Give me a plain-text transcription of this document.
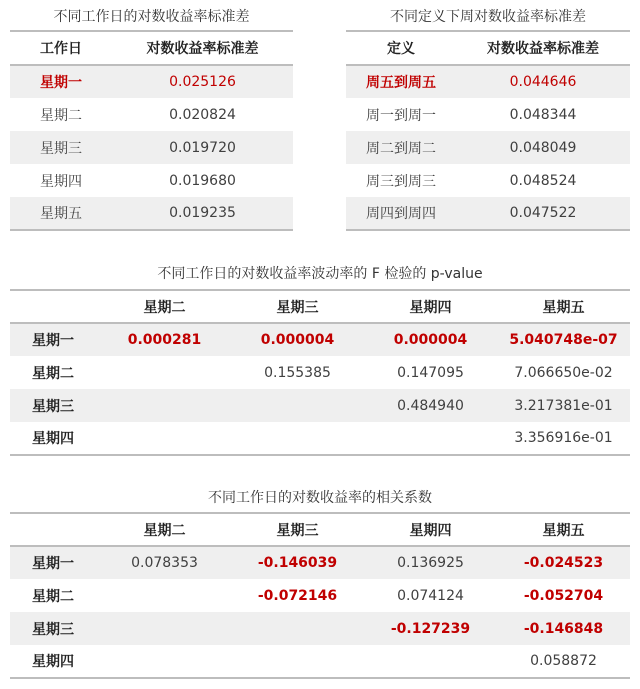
不同工作日的对数收益率标准差
工作日	对数收益率标准差
星期一	0.025126
星期二	0.020824
星期三	0.019720
星期四	0.019680
星期五	0.019235
不同定义下周对数收益率标准差
定义	对数收益率标准差
周五到周五	0.044646
周一到周一	0.048344
周二到周二	0.048049
周三到周三	0.048524
周四到周四	0.047522
不同工作日的对数收益率波动率的 F 检验的 p-value
	星期二	星期三	星期四	星期五
星期一	0.000281	0.000004	0.000004	5.040748e-07
星期二		0.155385	0.147095	7.066650e-02
星期三			0.484940	3.217381e-01
星期四				3.356916e-01
不同工作日的对数收益率的相关系数
	星期二	星期三	星期四	星期五
星期一	0.078353	-0.146039	0.136925	-0.024523
星期二		-0.072146	0.074124	-0.052704
星期三			-0.127239	-0.146848
星期四				0.058872
